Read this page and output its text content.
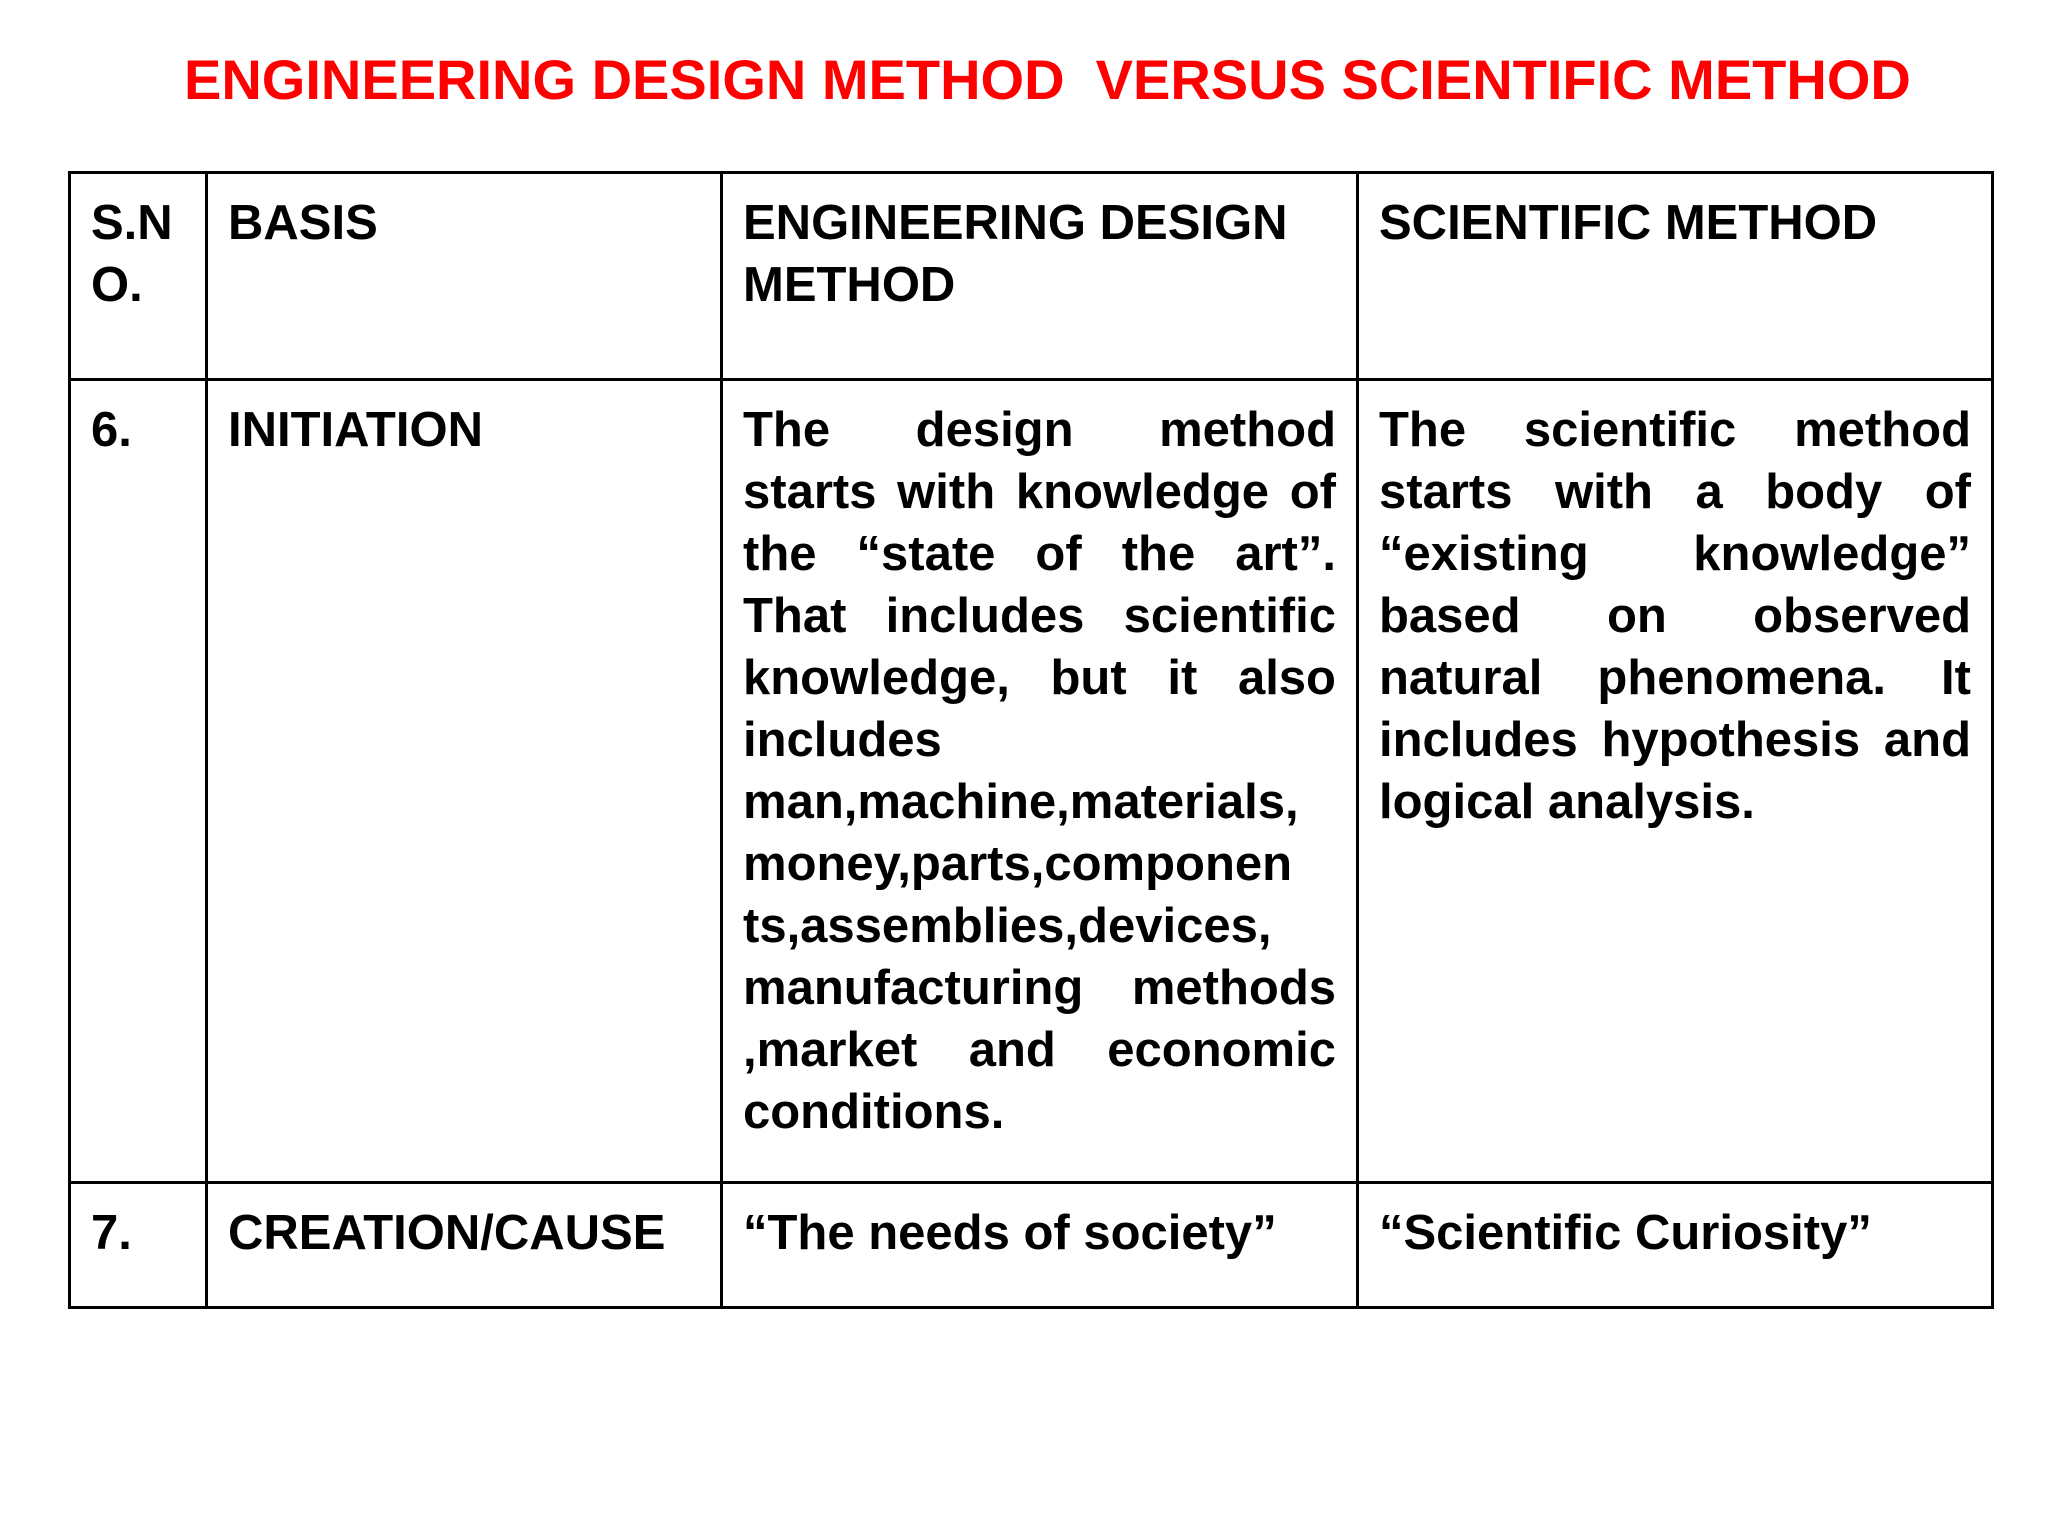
ENGINEERING DESIGN METHOD  VERSUS SCIENTIFIC METHOD
S.N O.	BASIS	ENGINEERING DESIGN METHOD	SCIENTIFIC METHOD
6.	INITIATION	The design method starts with knowledge of the “state of the art”. That includes scientific knowledge, but it also includes man,machine,materials, money,parts,componen ts,assemblies,devices, manufacturing methods ,market and economic conditions.	The scientific method starts with a body of “existing knowledge” based on observed natural phenomena. It includes hypothesis and logical analysis.
7.	CREATION/CAUSE	“The needs of society”	“Scientific Curiosity”
